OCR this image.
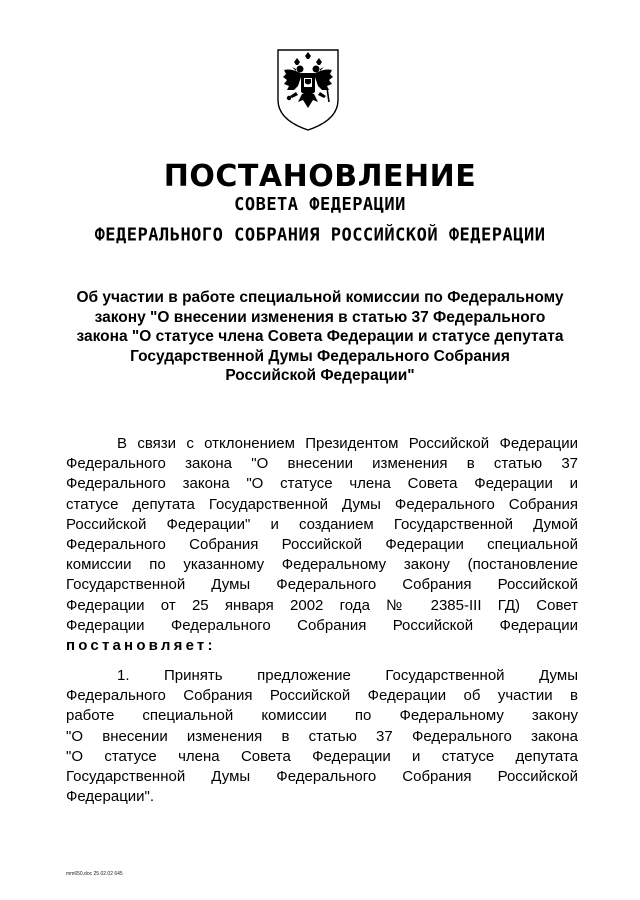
ПОСТАНОВЛЕНИЕ
СОВЕТА ФЕДЕРАЦИИ
ФЕДЕРАЛЬНОГО СОБРАНИЯ РОССИЙСКОЙ ФЕДЕРАЦИИ
Об участии в работе специальной комиссии по Федеральному
закону "О внесении изменения в статью 37 Федерального
закона "О статусе члена Совета Федерации и статусе депутата
Государственной Думы Федерального Собрания
Российской Федерации"
В связи с отклонением Президентом Российской Федерации
Федерального закона "О внесении изменения в статью 37
Федерального закона "О статусе члена Совета Федерации и
статусе депутата Государственной Думы Федерального Собрания
Российской Федерации" и созданием Государственной Думой
Федерального Собрания Российской Федерации специальной
комиссии по указанному Федеральному закону (постановление
Государственной Думы Федерального Собрания Российской
Федерации от 25 января 2002 года № 2385-III ГД) Совет
Федерации Федерального Собрания Российской Федерации
постановляет:
1. Принять предложение Государственной Думы
Федерального Собрания Российской Федерации об участии в
работе специальной комиссии по Федеральному закону
"О внесении изменения в статью 37 Федерального закона
"О статусе члена Совета Федерации и статусе депутата
Государственной Думы Федерального Собрания Российской
Федерации".
mm650.doc 25.02.02 645
